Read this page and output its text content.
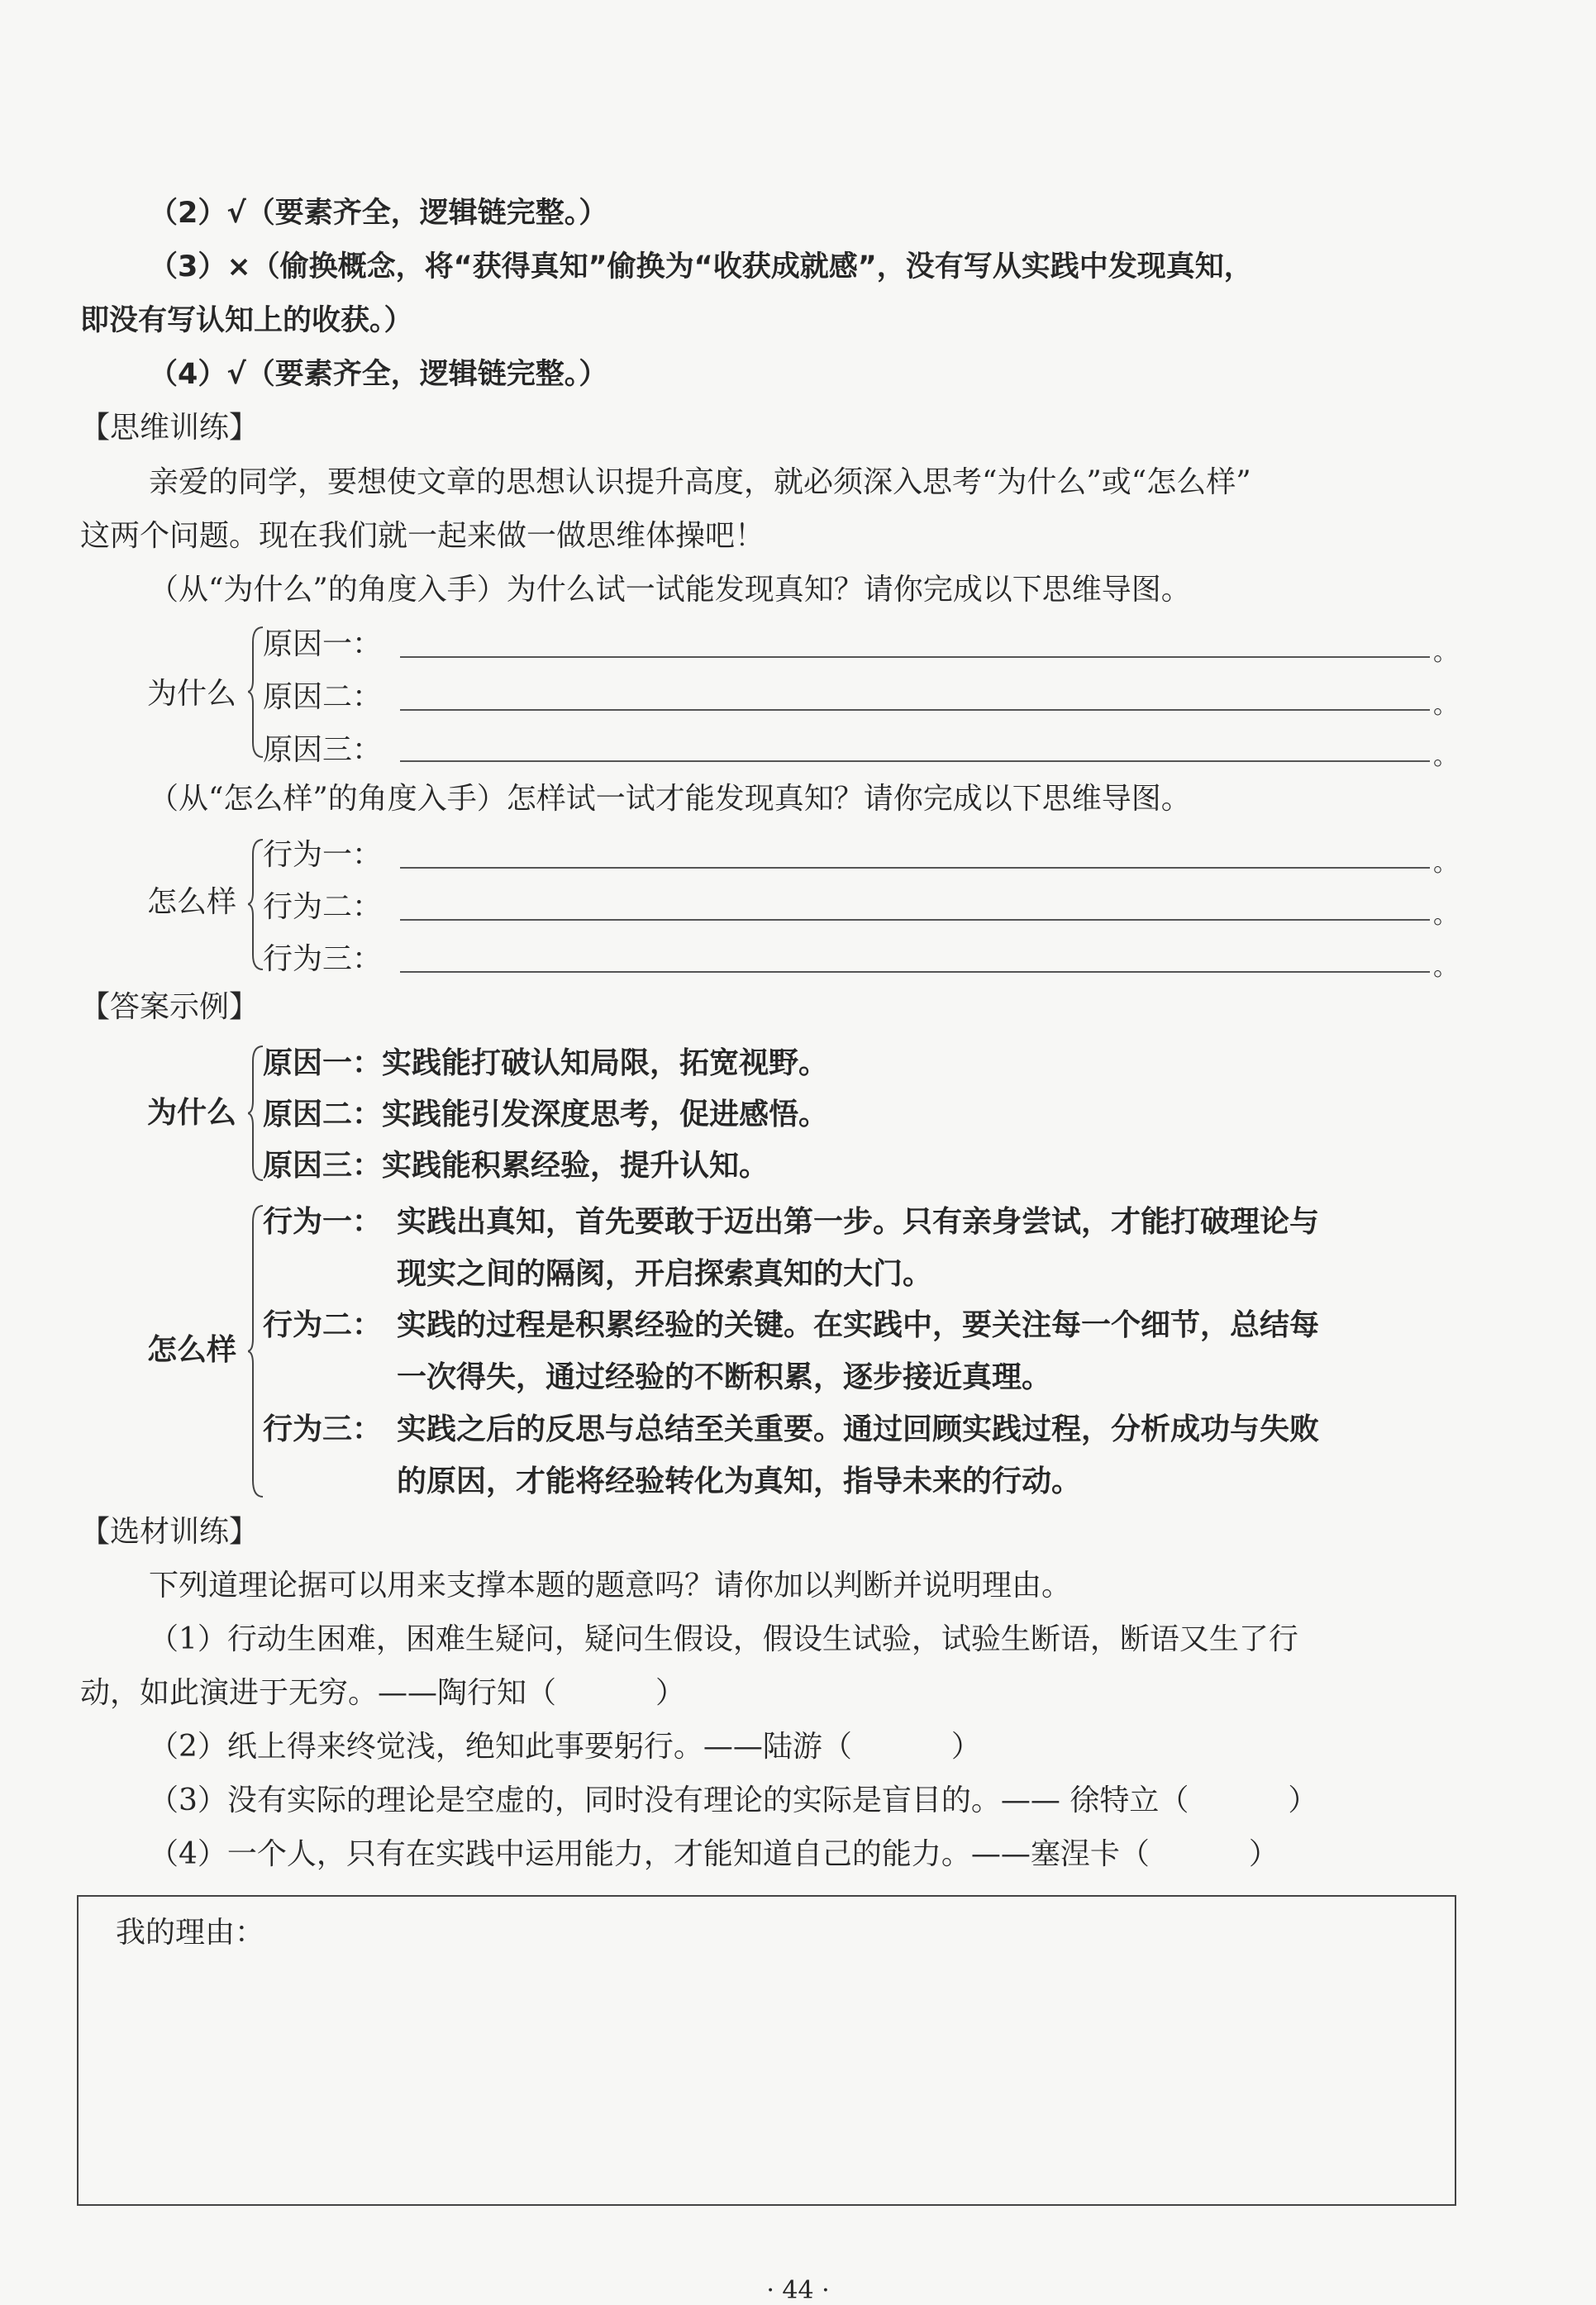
（2）√（要素齐全，逻辑链完整。）
（3）×（偷换概念，将“获得真知”偷换为“收获成就感”，没有写从实践中发现真知，
即没有写认知上的收获。）
（4）√（要素齐全，逻辑链完整。）
【思维训练】
亲爱的同学，要想使文章的思想认识提升高度，就必须深入思考“为什么”或“怎么样”
这两个问题。现在我们就一起来做一做思维体操吧！
（从“为什么”的角度入手）为什么试一试能发现真知？请你完成以下思维导图。
为什么
原因一：	。
原因二：	。
原因三：	。
（从“怎么样”的角度入手）怎样试一试才能发现真知？请你完成以下思维导图。
怎么样
行为一：	。
行为二：	。
行为三：	。
【答案示例】
为什么
原因一：实践能打破认知局限，拓宽视野。
原因二：实践能引发深度思考，促进感悟。
原因三：实践能积累经验，提升认知。
怎么样
行为一： 实践出真知，首先要敢于迈出第一步。只有亲身尝试，才能打破理论与
现实之间的隔阂，开启探索真知的大门。
行为二： 实践的过程是积累经验的关键。在实践中，要关注每一个细节，总结每
一次得失，通过经验的不断积累，逐步接近真理。
行为三： 实践之后的反思与总结至关重要。通过回顾实践过程，分析成功与失败
的原因，才能将经验转化为真知，指导未来的行动。
【选材训练】
下列道理论据可以用来支撑本题的题意吗？请你加以判断并说明理由。
（1）行动生困难，困难生疑问，疑问生假设，假设生试验，试验生断语，断语又生了行
动，如此演进于无穷。——陶行知（	）
（2）纸上得来终觉浅，绝知此事要躬行。——陆游（	）
（3）没有实际的理论是空虚的，同时没有理论的实际是盲目的。—— 徐特立（	）
（4）一个人，只有在实践中运用能力，才能知道自己的能力。——塞涅卡（	）
我的理由：
· 44 ·
